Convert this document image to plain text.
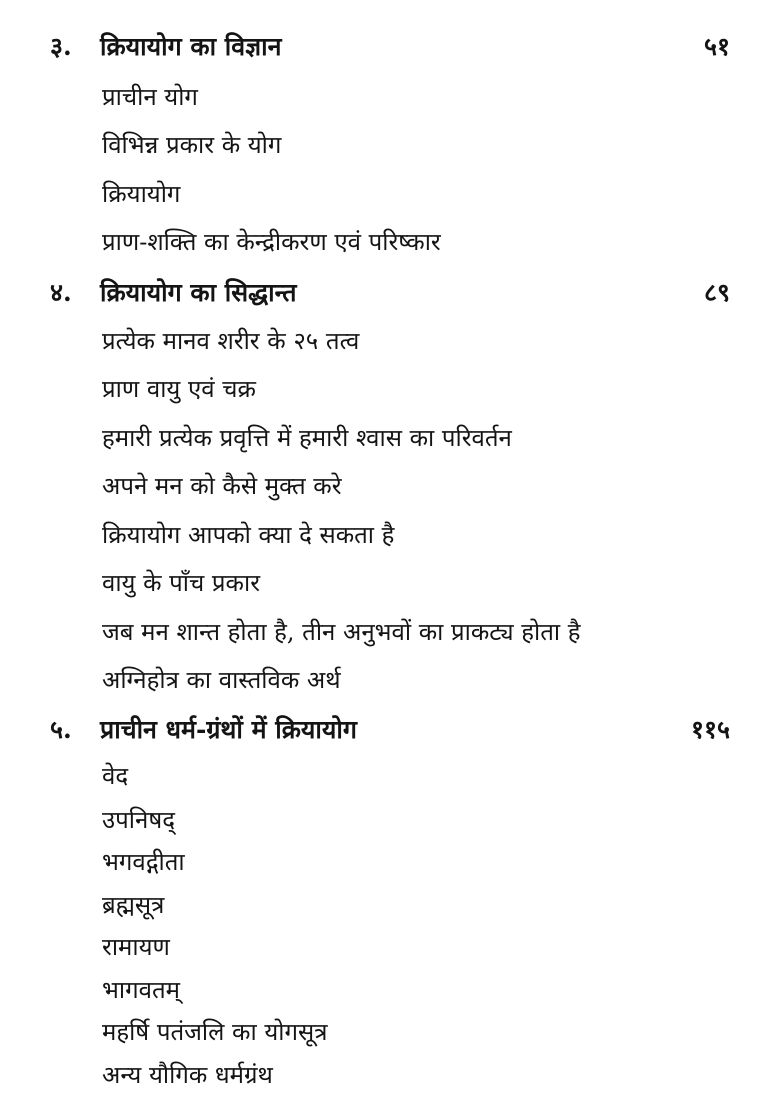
३. क्रियायोग का विज्ञान	५१
प्राचीन योग
विभिन्न प्रकार के योग
क्रियायोग
प्राण-शक्ति का केन्द्रीकरण एवं परिष्कार
४. क्रियायोग का सिद्धान्त	८९
प्रत्येक मानव शरीर के २५ तत्व
प्राण वायु एवं चक्र
हमारी प्रत्येक प्रवृत्ति में हमारी श्वास का परिवर्तन
अपने मन को कैसे मुक्त करे
क्रियायोग आपको क्या दे सकता है
वायु के पाँच प्रकार
जब मन शान्त होता है, तीन अनुभवों का प्राकट्य होता है
अग्निहोत्र का वास्तविक अर्थ
५. प्राचीन धर्म-ग्रंथों में क्रियायोग	११५
वेद
उपनिषद्
भगवद्गीता
ब्रह्मसूत्र
रामायण
भागवतम्
महर्षि पतंजलि का योगसूत्र
अन्य यौगिक धर्मग्रंथ
